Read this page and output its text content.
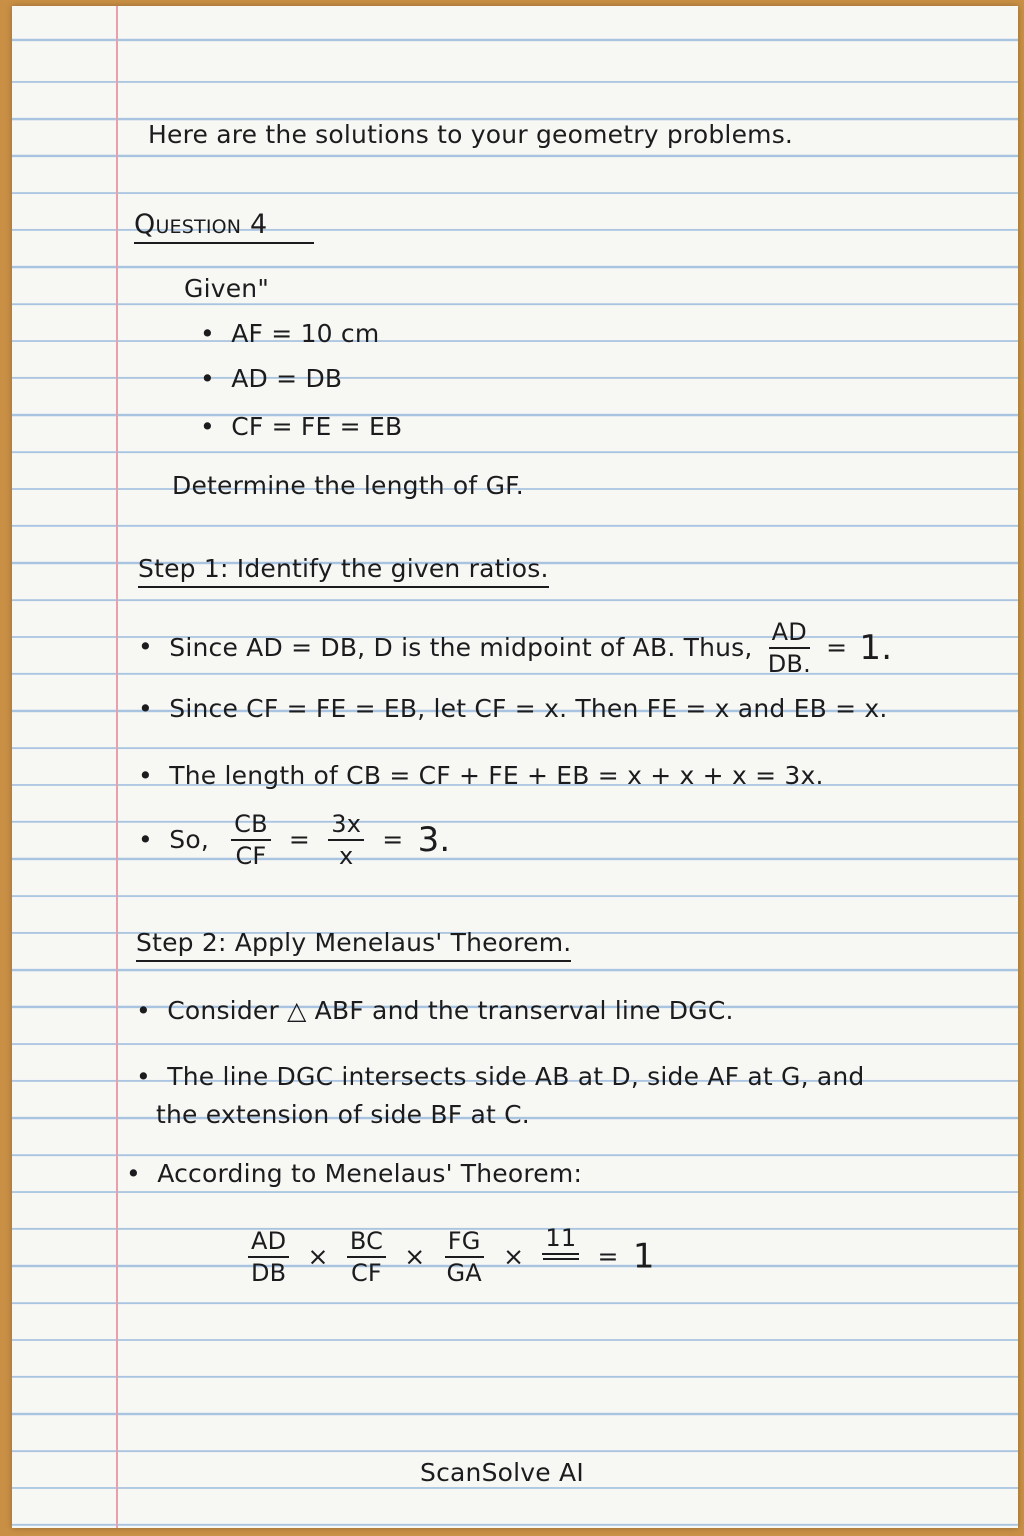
Here are the solutions to your geometry problems.
Question 4
Given"
• AF = 10 cm
• AD = DB
• CF = FE = EB
Determine the length of GF.
Step 1: Identify the given ratios.
• Since AD = DB, D is the midpoint of AB. Thus, $\frac{AD}{DB.} = 1$.
• Since CF = FE = EB, let CF = x. Then FE = x and EB = x.
• The length of CB = CF + FE + EB = x + x + x = 3x.
• So, $\frac{CB}{CF} = \frac{3x}{x} = 3$.
Step 2: Apply Menelaus' Theorem.
• Consider △ ABF and the transerval line DGC.
• The line DGC intersects side AB at D, side AF at G, and
the extension of side BF at C.
• According to Menelaus' Theorem:
$\frac{AD}{DB} \times \frac{BC}{CF} \times \frac{FG}{GA}$ ×
11
= 1
ScanSolve AI
